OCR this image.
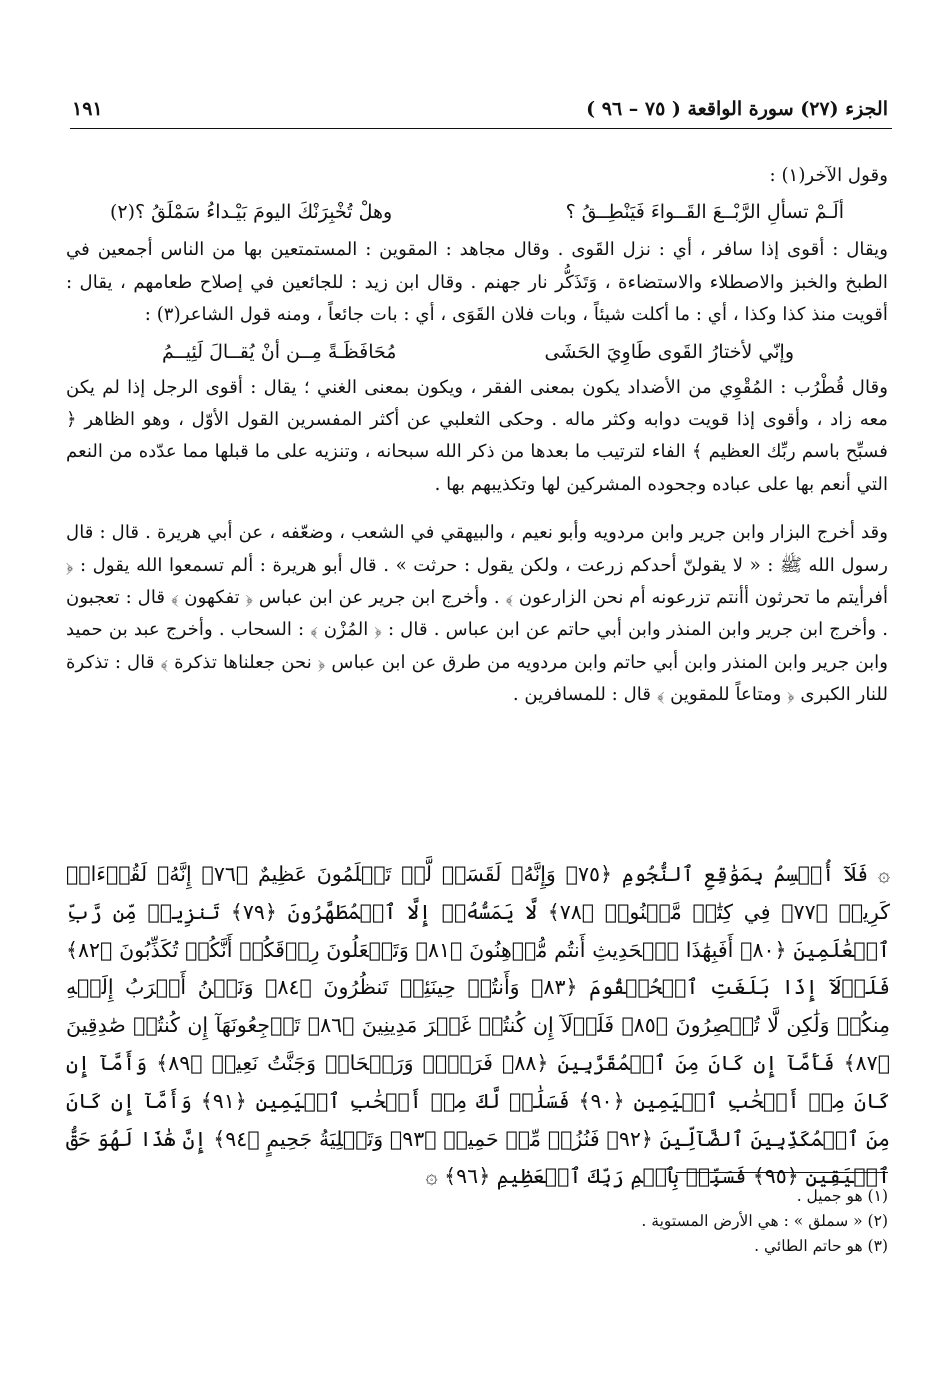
الجزء (٢٧) سورة الواقعة ( ٧٥ – ٩٦ )
١٩١

وقول الآخر(١) :

ألَـمْ تسألِ الرَّبْــعَ القَــواءَ فَيَنْطِــقُ ؟
وهلْ تُخْبِرَنْكَ اليومَ بَيْـداءُ سَمْلَقُ ؟(٢)

ويقال : أقوى إذا سافر ، أي : نزل القَوى . وقال مجاهد : المقوين : المستمتعين بها من الناس أجمعين في الطبخ والخبز والاصطلاء والاستضاءة ، وَتَذَكُّر نار جهنم . وقال ابن زيد : للجائعين في إصلاح طعامهم ، يقال : أقويت منذ كذا وكذا ، أي : ما أكلت شيئاً ، وبات فلان القَوَى ، أي : بات جائعاً ، ومنه قول الشاعر(٣) :

وإنّي لأختارُ القَوى طَاوِيَ الحَشَى
مُحَافَظَـةً مِــن أنْ يُقــالَ لَئِيــمُ

وقال قُطْرُب : المُقْوِي من الأضداد يكون بمعنى الفقر ، ويكون بمعنى الغني ؛ يقال : أقوى الرجل إذا لم يكن معه زاد ، وأقوى إذا قويت دوابه وكثر ماله . وحكى الثعلبي عن أكثر المفسرين القول الأوّل ، وهو الظاهر ﴿ فسبِّح باسم ربِّك العظيم ﴾ الفاء لترتيب ما بعدها من ذكر الله سبحانه ، وتنزيه على ما قبلها مما عدّده من النعم التي أنعم بها على عباده وجحوده المشركين لها وتكذيبهم بها .

وقد أخرج البزار وابن جرير وابن مردويه وأبو نعيم ، والبيهقي في الشعب ، وضعّفه ، عن أبي هريرة . قال : قال رسول الله ﷺ : « لا يقولنّ أحدكم زرعت ، ولكن يقول : حرثت » . قال أبو هريرة : ألم تسمعوا الله يقول : ﴿ أفرأيتم ما تحرثون أأنتم تزرعونه أم نحن الزارعون ﴾ . وأخرج ابن جرير عن ابن عباس ﴿ تفكهون ﴾ قال : تعجبون . وأخرج ابن جرير وابن المنذر وابن أبي حاتم عن ابن عباس . قال : ﴿ المُزْن ﴾ : السحاب . وأخرج عبد بن حميد وابن جرير وابن المنذر وابن أبي حاتم وابن مردويه من طرق عن ابن عباس ﴿ نحن جعلناها تذكرة ﴾ قال : تذكرة للنار الكبرى ﴿ ومتاعاً للمقوين ﴾ قال : للمسافرين .

۞ فَلَآ أُقۡسِمُ بِمَوَٰقِعِ ٱلنُّجُومِ ﴿٧٥﴾ وَإِنَّهُۥ لَقَسَمٞ لَّوۡ تَعۡلَمُونَ عَظِيمٌ ﴿٧٦﴾ إِنَّهُۥ لَقُرۡءَانٞ كَرِيمٞ ﴿٧٧﴾ فِي كِتَٰبٖ مَّكۡنُونٖ ﴿٧٨﴾ لَّا يَمَسُّهُۥٓ إِلَّا ٱلۡمُطَهَّرُونَ ﴿٧٩﴾ تَنزِيلٞ مِّن رَّبِّ ٱلۡعَٰلَمِينَ ﴿٨٠﴾ أَفَبِهَٰذَا ٱلۡحَدِيثِ أَنتُم مُّدۡهِنُونَ ﴿٨١﴾ وَتَجۡعَلُونَ رِزۡقَكُمۡ أَنَّكُمۡ تُكَذِّبُونَ ﴿٨٢﴾ فَلَوۡلَآ إِذَا بَلَغَتِ ٱلۡحُلۡقُومَ ﴿٨٣﴾ وَأَنتُمۡ حِينَئِذٖ تَنظُرُونَ ﴿٨٤﴾ وَنَحۡنُ أَقۡرَبُ إِلَيۡهِ مِنكُمۡ وَلَٰكِن لَّا تُبۡصِرُونَ ﴿٨٥﴾ فَلَوۡلَآ إِن كُنتُمۡ غَيۡرَ مَدِينِينَ ﴿٨٦﴾ تَرۡجِعُونَهَآ إِن كُنتُمۡ صَٰدِقِينَ ﴿٨٧﴾ فَأَمَّآ إِن كَانَ مِنَ ٱلۡمُقَرَّبِينَ ﴿٨٨﴾ فَرَوۡحٞ وَرَيۡحَانٞ وَجَنَّتُ نَعِيمٖ ﴿٨٩﴾ وَأَمَّآ إِن كَانَ مِنۡ أَصۡحَٰبِ ٱلۡيَمِينِ ﴿٩٠﴾ فَسَلَٰمٞ لَّكَ مِنۡ أَصۡحَٰبِ ٱلۡيَمِينِ ﴿٩١﴾ وَأَمَّآ إِن كَانَ مِنَ ٱلۡمُكَذِّبِينَ ٱلضَّآلِّينَ ﴿٩٢﴾ فَنُزُلٞ مِّنۡ حَمِيمٖ ﴿٩٣﴾ وَتَصۡلِيَةُ جَحِيمٍ ﴿٩٤﴾ إِنَّ هَٰذَا لَهُوَ حَقُّ ٱلۡيَقِينِ ﴿٩٥﴾ فَسَبِّحۡ بِٱسۡمِ رَبِّكَ ٱلۡعَظِيمِ ﴿٩٦﴾ ۞
(١) هو جميل .
(٢) « سملق » : هي الأرض المستوية .
(٣) هو حاتم الطائي .
